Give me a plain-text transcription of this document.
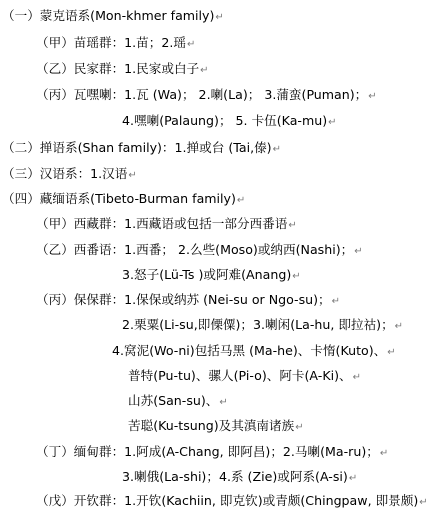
（一）蒙克语系(Mon-khmer family)↵
（甲）苗瑶群：1.苗；2.瑶↵
（乙）民家群：1.民家或白子↵
（丙）瓦嘿喇：1.瓦 (Wa)； 2.喇(La)； 3.蒲蛮(Puman)；↵
4.嘿喇(Palaung)； 5. 卡伍(Ka-mu)↵
（二）掸语系(Shan family)：1.掸或台 (Tai,傣)↵
（三）汉语系：1.汉语↵
（四）藏缅语系(Tibeto-Burman family)↵
（甲）西藏群：1.西藏语或包括一部分西番语↵
（乙）西番语：1.西番； 2.么些(Moso)或纳西(Nashi)；↵
3.怒子(Lü-Ts )或阿难(Anang)↵
（丙）保保群：1.保保或纳苏 (Nei-su or Ngo-su)；↵
2.栗粟(Li-su,即傈僳)；3.喇闲(La-hu, 即拉祜)；↵
4.窝泥(Wo-ni)包括马黑 (Ma-he)、卡惰(Kuto)、↵
普特(Pu-tu)、骡人(Pi-o)、阿卡(A-Ki)、↵
山苏(San-su)、↵
苦聪(Ku-tsung)及其滇南诸族↵
（丁）缅甸群：1.阿成(A-Chang, 即阿昌)；2.马喇(Ma-ru)；↵
3.喇俄(La-shi)；4.系 (Zie)或阿系(A-si)↵
（戊）开钦群：1.开钦(Kachiin, 即克钦)或青颇(Chingpaw, 即景颇)↵
